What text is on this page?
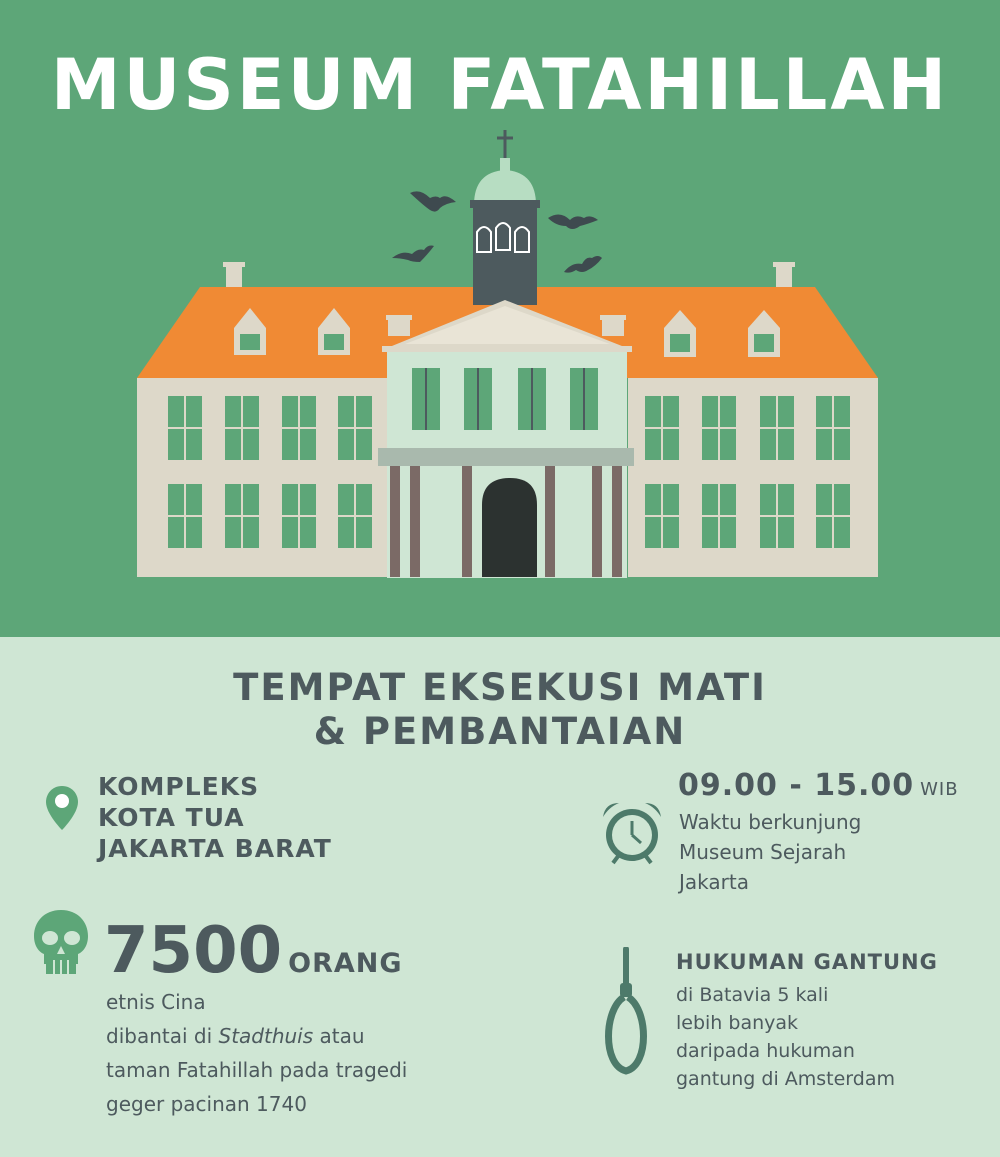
MUSEUM FATAHILLAH
TEMPAT EKSEKUSI MATI
& PEMBANTAIAN
KOMPLEKS
KOTA TUA
JAKARTA BARAT
09.00 - 15.00 WIB
Waktu berkunjung
Museum Sejarah
Jakarta
7500 ORANG
etnis Cina
dibantai di Stadthuis atau
taman Fatahillah pada tragedi
geger pacinan 1740
HUKUMAN GANTUNG
di Batavia 5 kali
lebih banyak
daripada hukuman
gantung di Amsterdam
